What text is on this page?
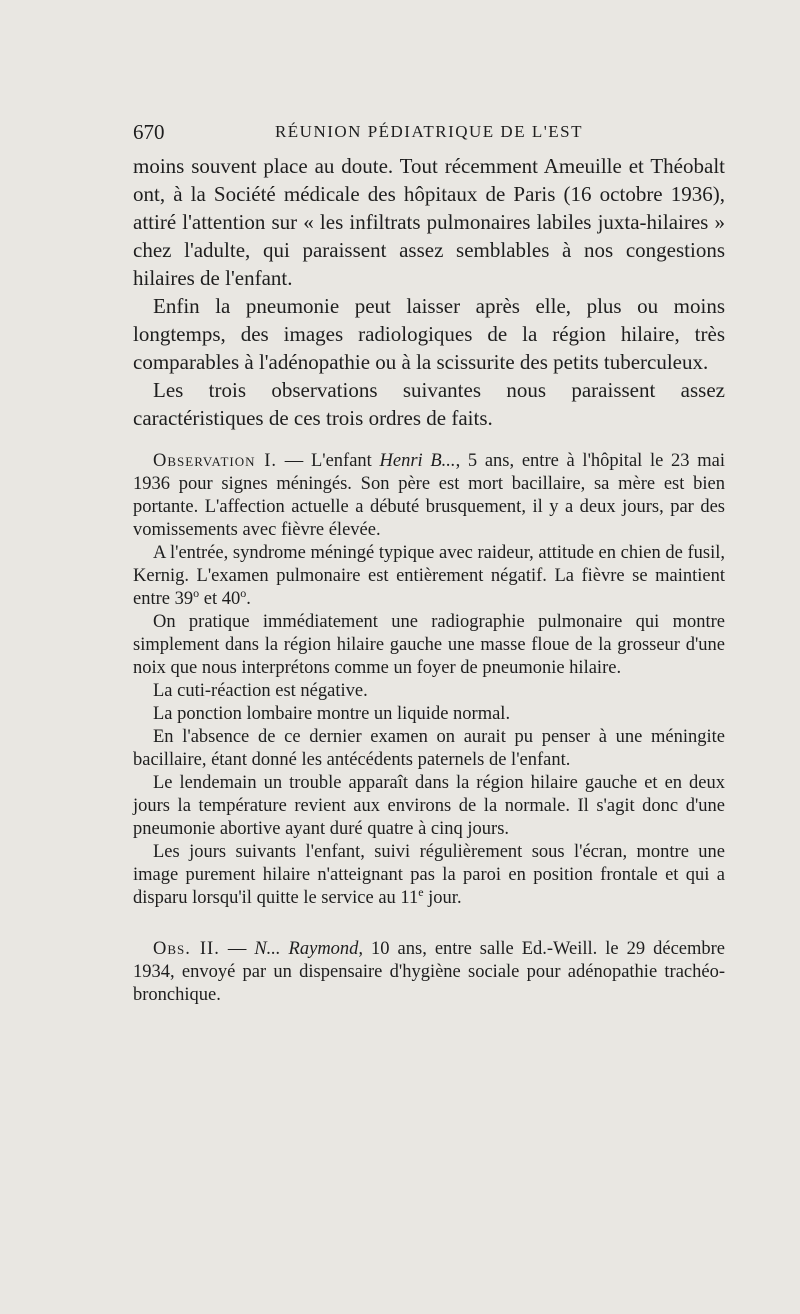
670	RÉUNION PÉDIATRIQUE DE L'EST

moins souvent place au doute. Tout récemment Ameuille et Théobalt ont, à la Société médicale des hôpitaux de Paris (16 octobre 1936), attiré l'attention sur « les infiltrats pulmonaires labiles juxta-hilaires » chez l'adulte, qui paraissent assez semblables à nos congestions hilaires de l'enfant.

Enfin la pneumonie peut laisser après elle, plus ou moins longtemps, des images radiologiques de la région hilaire, très comparables à l'adénopathie ou à la scissurite des petits tuberculeux.

Les trois observations suivantes nous paraissent assez caractéristiques de ces trois ordres de faits.

Observation I. — L'enfant Henri B..., 5 ans, entre à l'hôpital le 23 mai 1936 pour signes méningés. Son père est mort bacillaire, sa mère est bien portante. L'affection actuelle a débuté brusquement, il y a deux jours, par des vomissements avec fièvre élevée.

A l'entrée, syndrome méningé typique avec raideur, attitude en chien de fusil, Kernig. L'examen pulmonaire est entièrement négatif. La fièvre se maintient entre 39$^o$ et 40$^o$.

On pratique immédiatement une radiographie pulmonaire qui montre simplement dans la région hilaire gauche une masse floue de la grosseur d'une noix que nous interprétons comme un foyer de pneumonie hilaire.

La cuti-réaction est négative.

La ponction lombaire montre un liquide normal.

En l'absence de ce dernier examen on aurait pu penser à une méningite bacillaire, étant donné les antécédents paternels de l'enfant.

Le lendemain un trouble apparaît dans la région hilaire gauche et en deux jours la température revient aux environs de la normale. Il s'agit donc d'une pneumonie abortive ayant duré quatre à cinq jours.

Les jours suivants l'enfant, suivi régulièrement sous l'écran, montre une image purement hilaire n'atteignant pas la paroi en position frontale et qui a disparu lorsqu'il quitte le service au 11e jour.

Obs. II. — N... Raymond, 10 ans, entre salle Ed.-Weill. le 29 décembre 1934, envoyé par un dispensaire d'hygiène sociale pour adénopathie trachéo-bronchique.
